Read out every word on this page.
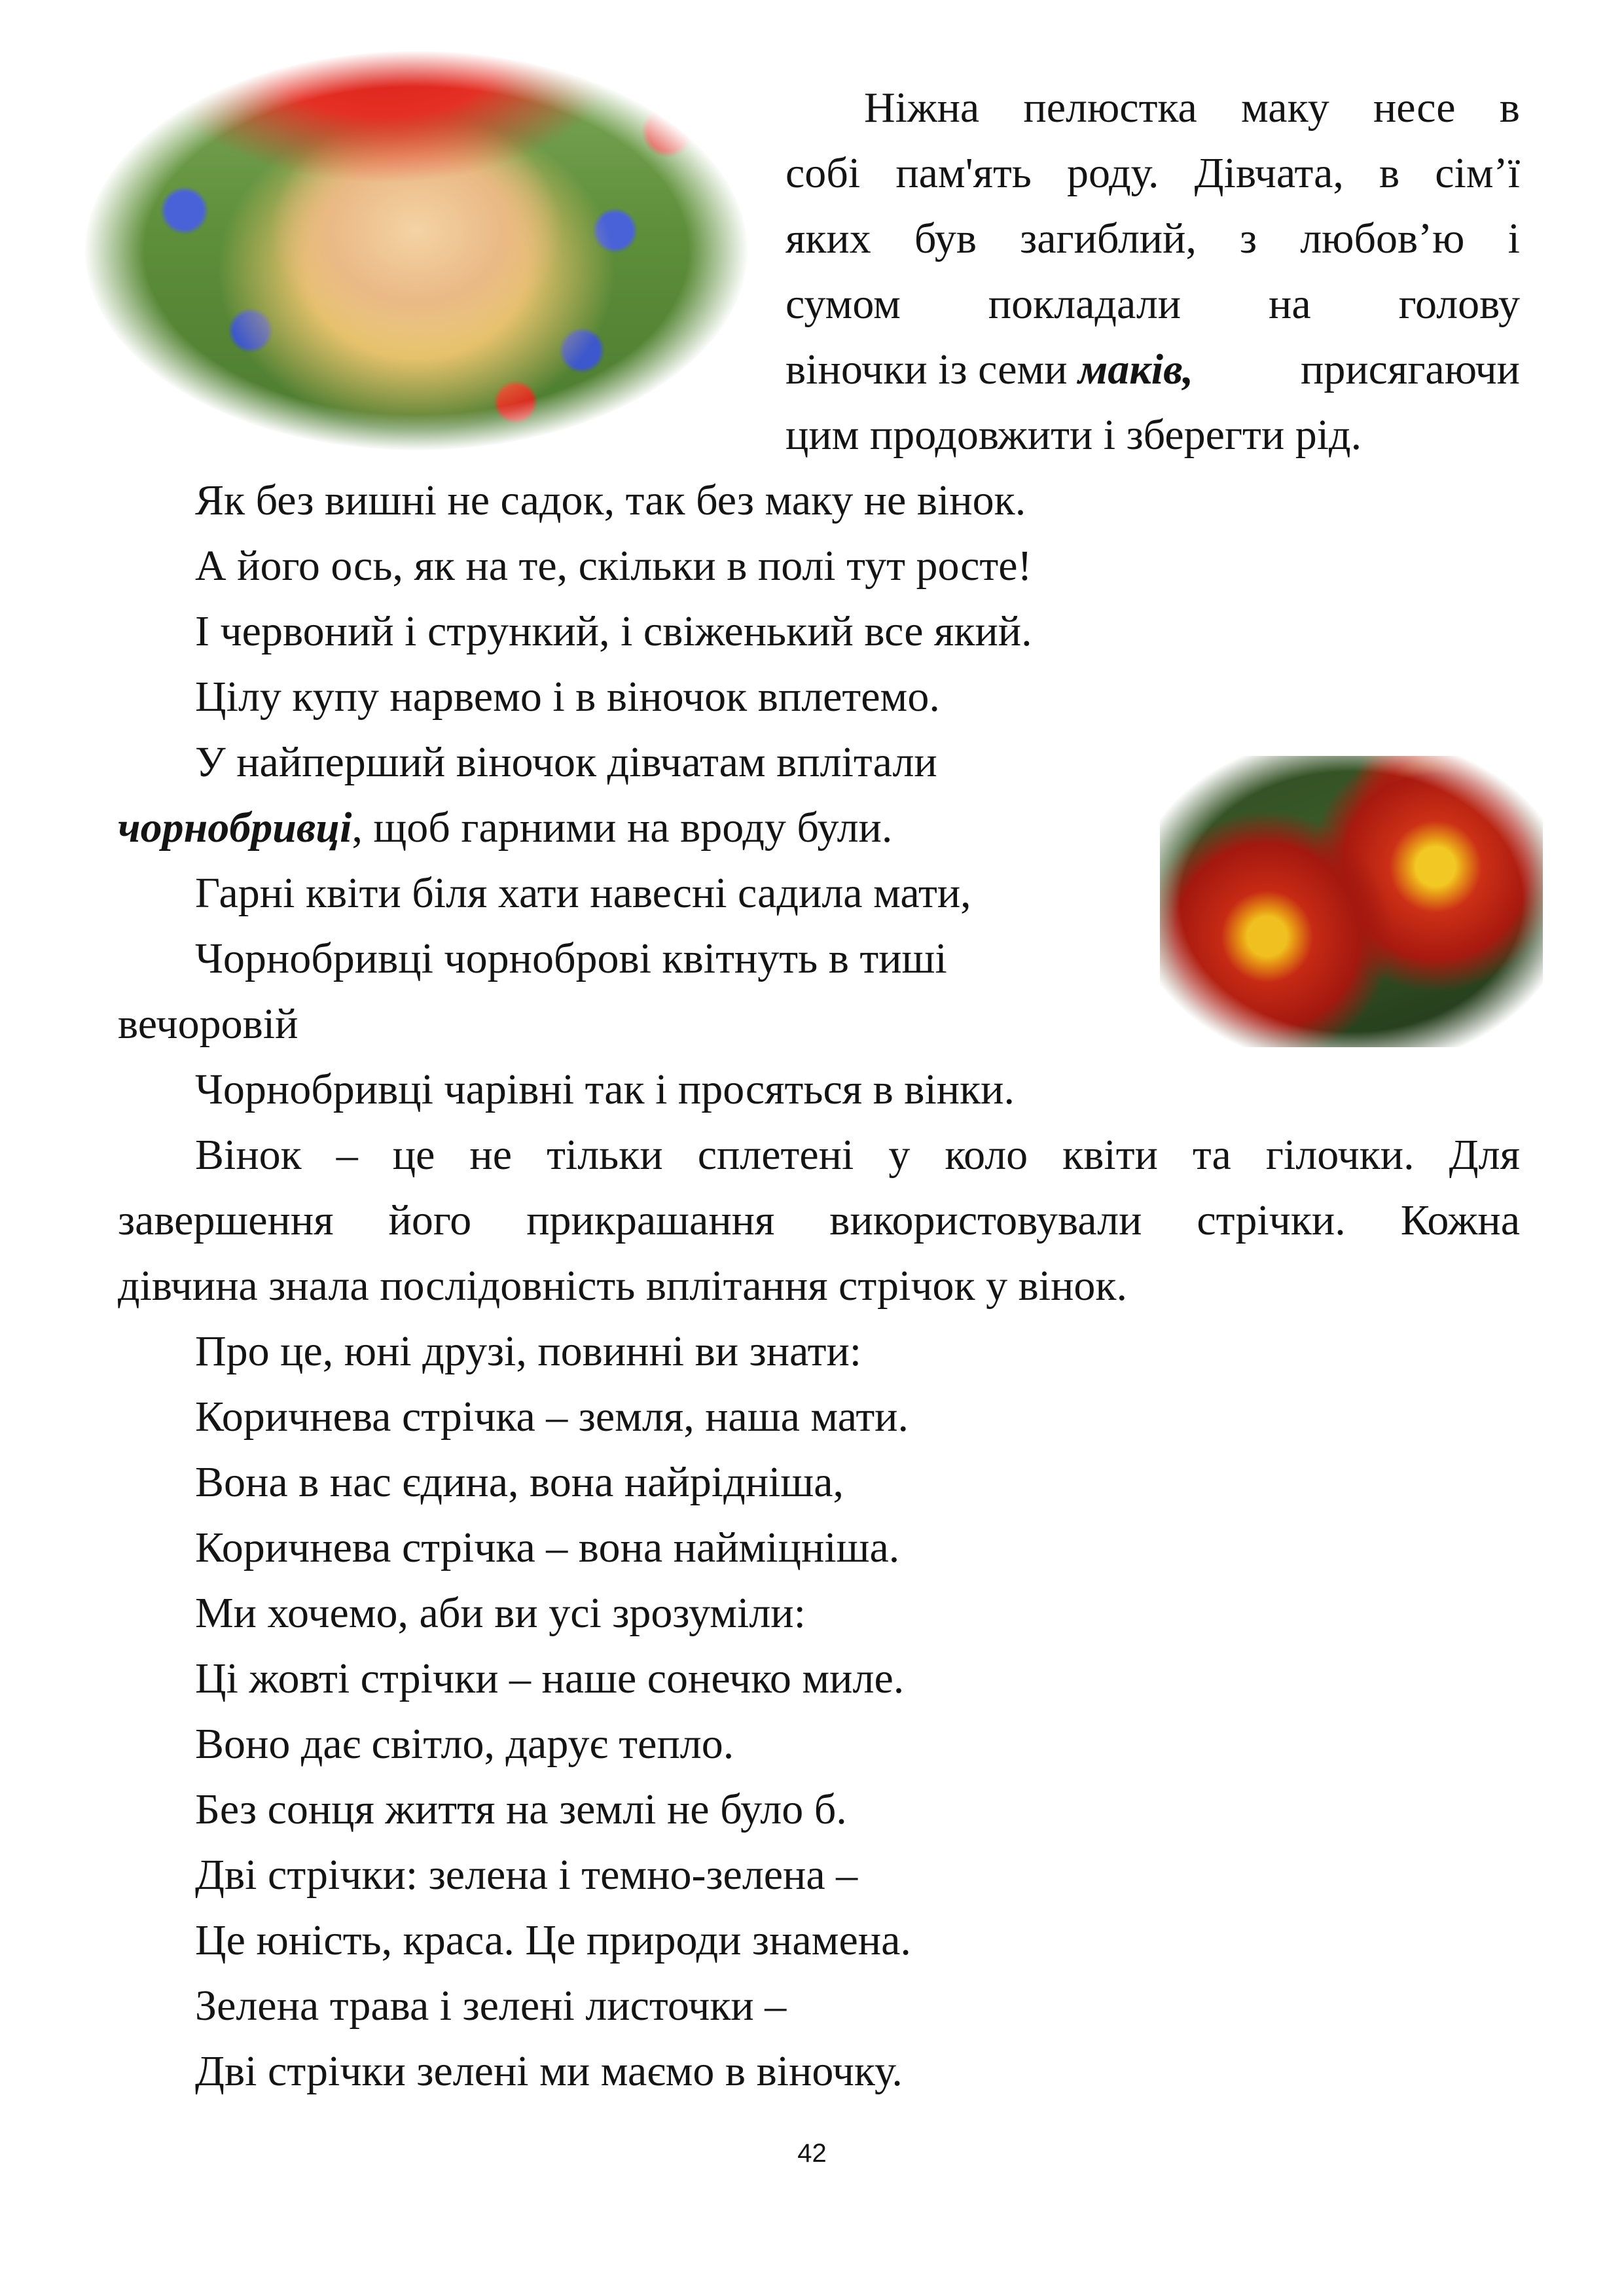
Ніжна пелюстка маку несе в
собі пам'ять роду. Дівчата, в сім’ї
яких був загиблий, з любов’ю і
сумом покладали на голову
віночки із семи маків, присягаючи
цим продовжити і зберегти рід.
Як без вишні не садок, так без маку не вінок.
А його ось, як на те, скільки в полі тут росте!
І червоний і стрункий, і свіженький все який.
Цілу купу нарвемо і в віночок вплетемо.
У найперший віночок дівчатам вплітали
чорнобривці, щоб гарними на вроду були.
Гарні квіти біля хати навесні садила мати,
Чорнобривці чорноброві квітнуть в тиші
вечоровій
Чорнобривці чарівні так і просяться в вінки.
Вінок – це не тільки сплетені у коло квіти та гілочки. Для
завершення його прикрашання використовували стрічки. Кожна
дівчина знала послідовність вплітання стрічок у вінок.
Про це, юні друзі, повинні ви знати:
Коричнева стрічка – земля, наша мати.
Вона в нас єдина, вона найрідніша,
Коричнева стрічка – вона найміцніша.
Ми хочемо, аби ви усі зрозуміли:
Ці жовті стрічки – наше сонечко миле.
Воно дає світло, дарує тепло.
Без сонця життя на землі не було б.
Дві стрічки: зелена і темно-зелена –
Це юність, краса. Це природи знамена.
Зелена трава і зелені листочки –
Дві стрічки зелені ми маємо в віночку.
42
